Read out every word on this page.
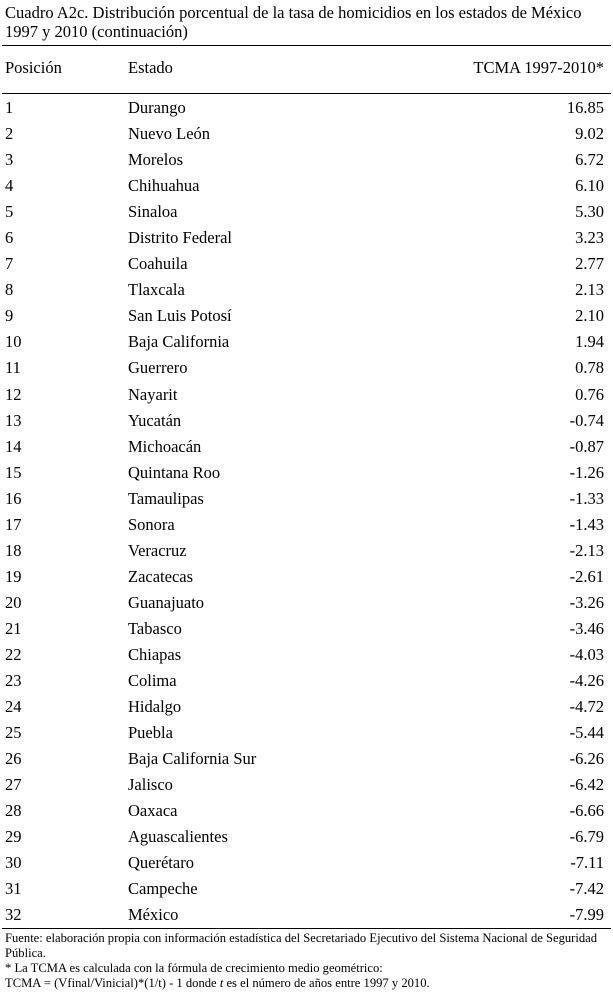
Cuadro A2c. Distribución porcentual de la tasa de homicidios en los estados de México 1997 y 2010 (continuación)
Posición	Estado	TCMA 1997-2010*
1	Durango	16.85
2	Nuevo León	9.02
3	Morelos	6.72
4	Chihuahua	6.10
5	Sinaloa	5.30
6	Distrito Federal	3.23
7	Coahuila	2.77
8	Tlaxcala	2.13
9	San Luis Potosí	2.10
10	Baja California	1.94
11	Guerrero	0.78
12	Nayarit	0.76
13	Yucatán	-0.74
14	Michoacán	-0.87
15	Quintana Roo	-1.26
16	Tamaulipas	-1.33
17	Sonora	-1.43
18	Veracruz	-2.13
19	Zacatecas	-2.61
20	Guanajuato	-3.26
21	Tabasco	-3.46
22	Chiapas	-4.03
23	Colima	-4.26
24	Hidalgo	-4.72
25	Puebla	-5.44
26	Baja California Sur	-6.26
27	Jalisco	-6.42
28	Oaxaca	-6.66
29	Aguascalientes	-6.79
30	Querétaro	-7.11
31	Campeche	-7.42
32	México	-7.99

Fuente: elaboración propia con información estadística del Secretariado Ejecutivo del Sistema Nacional de Seguridad Pública.

* La TCMA es calculada con la fórmula de crecimiento medio geométrico:

TCMA = (Vfinal/Vinicial)*(1/t) - 1 donde t es el número de años entre 1997 y 2010.
